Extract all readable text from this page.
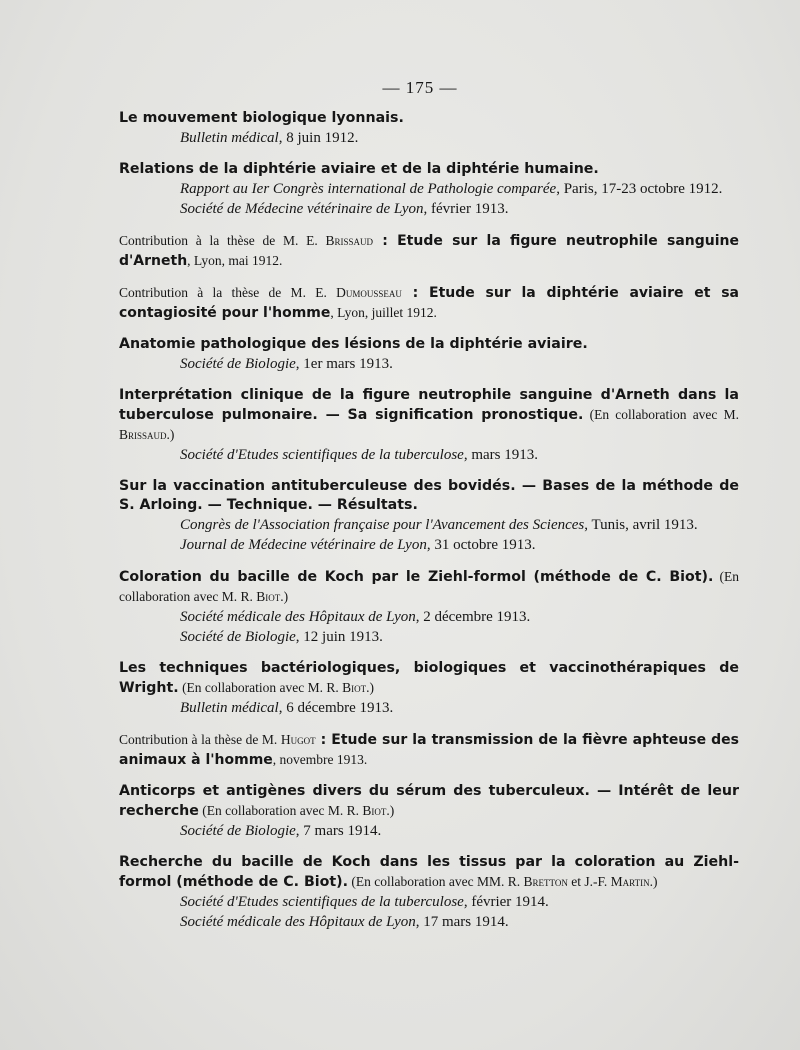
— 175 —
Le mouvement biologique lyonnais.
Bulletin médical, 8 juin 1912.
Relations de la diphtérie aviaire et de la diphtérie humaine.
Rapport au Ier Congrès international de Pathologie comparée, Paris, 17-23 octobre 1912.
Société de Médecine vétérinaire de Lyon, février 1913.
Contribution à la thèse de M. E. Brissaud : Etude sur la figure neutrophile sanguine d'Arneth, Lyon, mai 1912.
Contribution à la thèse de M. E. Dumousseau : Etude sur la diphtérie aviaire et sa contagiosité pour l'homme, Lyon, juillet 1912.
Anatomie pathologique des lésions de la diphtérie aviaire.
Société de Biologie, 1er mars 1913.
Interprétation clinique de la figure neutrophile sanguine d'Arneth dans la tuberculose pulmonaire. — Sa signification pronostique. (En collaboration avec M. Brissaud.)
Société d'Etudes scientifiques de la tuberculose, mars 1913.
Sur la vaccination antituberculeuse des bovidés. — Bases de la méthode de S. Arloing. — Technique. — Résultats.
Congrès de l'Association française pour l'Avancement des Sciences, Tunis, avril 1913.
Journal de Médecine vétérinaire de Lyon, 31 octobre 1913.
Coloration du bacille de Koch par le Ziehl-formol (méthode de C. Biot). (En collaboration avec M. R. Biot.)
Société médicale des Hôpitaux de Lyon, 2 décembre 1913.
Société de Biologie, 12 juin 1913.
Les techniques bactériologiques, biologiques et vaccinothérapiques de Wright. (En collaboration avec M. R. Biot.)
Bulletin médical, 6 décembre 1913.
Contribution à la thèse de M. Hugot : Etude sur la transmission de la fièvre aphteuse des animaux à l'homme, novembre 1913.
Anticorps et antigènes divers du sérum des tuberculeux. — Intérêt de leur recherche (En collaboration avec M. R. Biot.)
Société de Biologie, 7 mars 1914.
Recherche du bacille de Koch dans les tissus par la coloration au Ziehl-formol (méthode de C. Biot). (En collaboration avec MM. R. Bretton et J.-F. Martin.)
Société d'Etudes scientifiques de la tuberculose, février 1914.
Société médicale des Hôpitaux de Lyon, 17 mars 1914.
